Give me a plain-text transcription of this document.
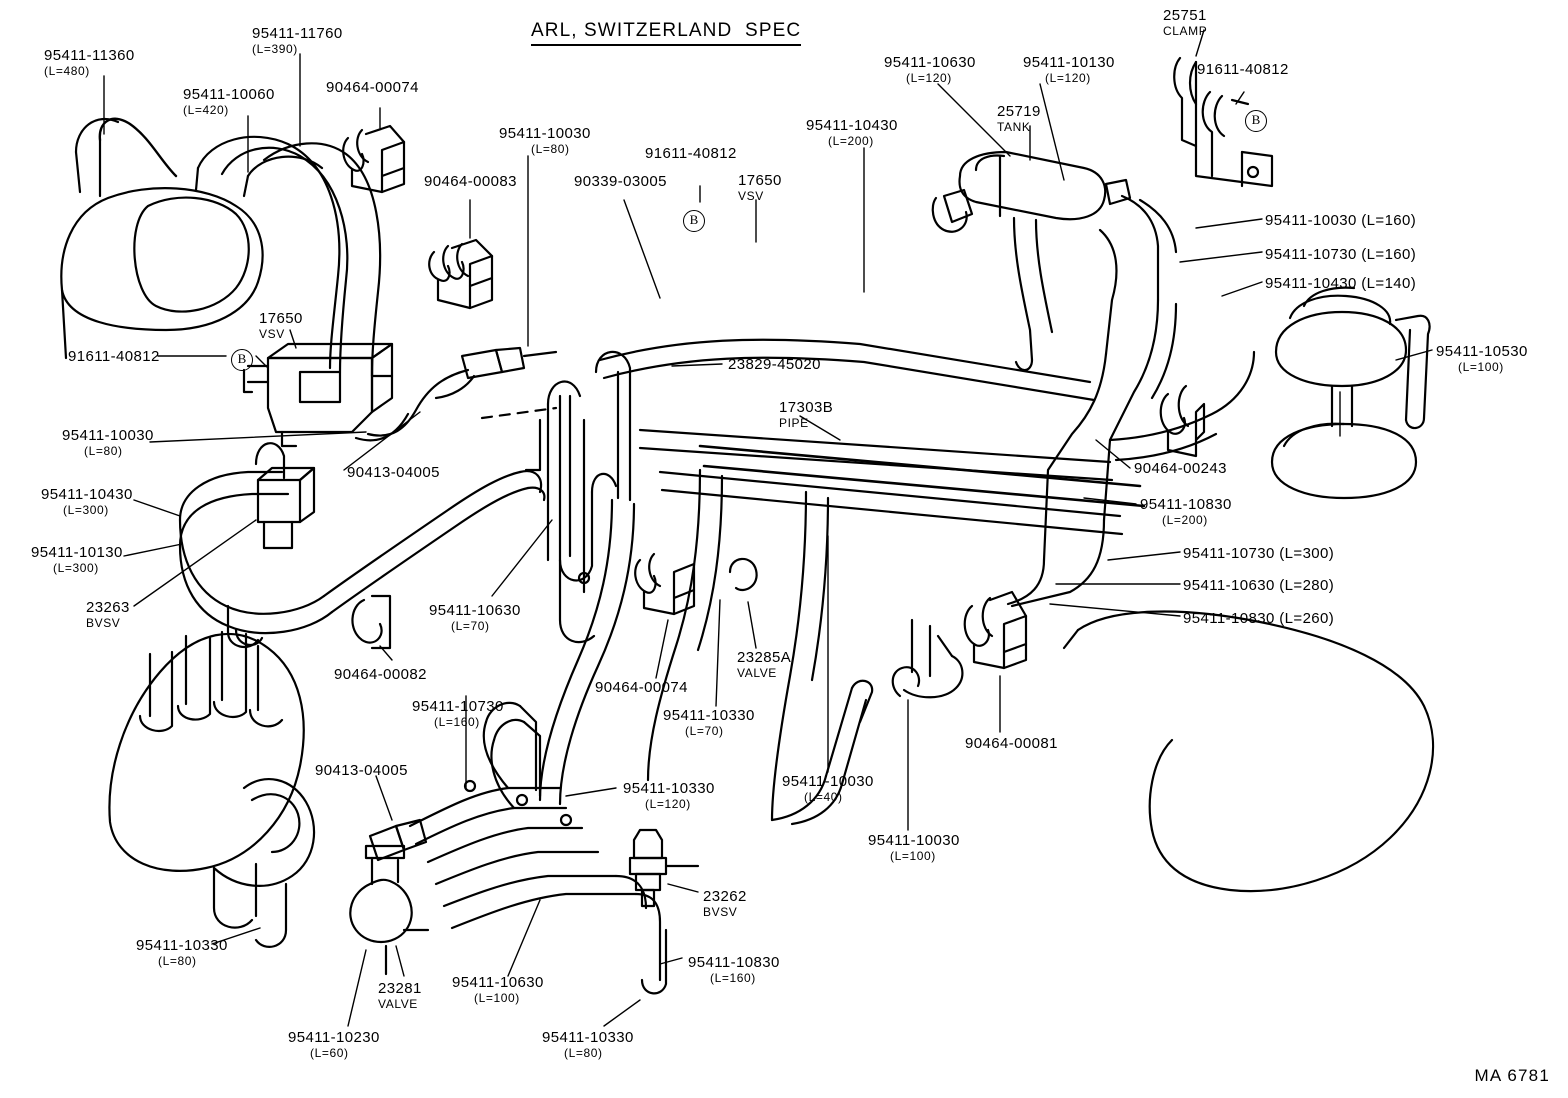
ARL, SWITZERLAND  SPEC
95411-11360
(L=480)
95411-11760
(L=390)
95411-10060
(L=420)
90464-00074
90464-00083
95411-10030
(L=80)
90339-03005
91611-40812
17650
VSV
95411-10430
(L=200)
95411-10630
(L=120)
95411-10130
(L=120)
25719
TANK
25751
CLAMP
91611-40812
95411-10030 (L=160)
95411-10730 (L=160)
95411-10430 (L=140)
95411-10530
(L=100)
91611-40812
17650
VSV
95411-10030
(L=80)
90413-04005
95411-10430
(L=300)
95411-10130
(L=300)
23263
BVSV
90464-00082
95411-10630
(L=70)
23829-45020
17303B
PIPE
90464-00243
95411-10830
(L=200)
95411-10730 (L=300)
95411-10630 (L=280)
95411-10830 (L=260)
23285A
VALVE
90464-00074
95411-10330
(L=70)
90464-00081
95411-10030
(L=40)
95411-10030
(L=100)
95411-10730
(L=160)
90413-04005
95411-10330
(L=120)
23262
BVSV
95411-10330
(L=80)
23281
VALVE
95411-10630
(L=100)
95411-10830
(L=160)
95411-10230
(L=60)
95411-10330
(L=80)
B
B
B
MA 6781
